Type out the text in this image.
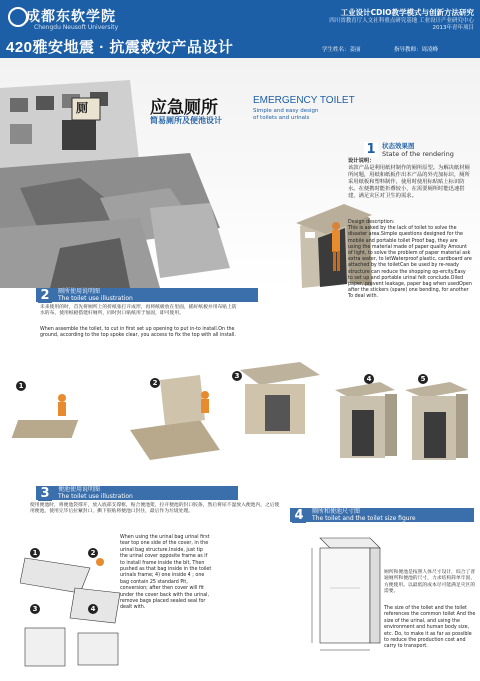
成都东软学院
Chengdu Neusoft University
工业设计CDIO教学模式与创新方法研究
四川省教育厅人文社科重点研究基地 工业设计产业研究中心2013年青年项目
420雅安地震 · 抗震救灾产品设计	学生姓名：姜丽	指导教师：周凌峰
应急厕所	EMERGENCY TOILET
简易厕所及便池设计
Simple and easy design of toilets and urinals
厕
1 状态效果图
State of the rendering
设计说明：
该款产品是利用纸材制作的厕所原型。为解决纸材厕所问题，用纸和纸板作出本产品的外壳加标识，厕所采用纸板和塑料制作，使用时使用标贴贴上标识防水。在便携时能折叠较小，在需要厕所时能迅速搭建，满足灾区对卫生的需求。
Design description:
This is asked by the lack of toilet to solve the disaster area.Simple questions designed for the mobile and portable toilet Proof bag, they are using the material made of paper quality Amount of light, to solve the problem of paper material ask extra water, to letWaterproof plastic, cardboard are attached by the toiletCan be used by re-ready structure can reduce the shopping op-ercity.Easy to set up and portable urinal felt conclude.Oiled paper, prevent leakage, paper bag when usedOpen after the stickers (spare) one bending, for another To deal with.
厕所使用说明图
The toilet use illustration
2
未来使用的时，首先将厕所上的折纸张打开成形，再将纸板放在里面，插好纸板并用布贴上防水的布，使用纸板搭建好厕所，同时封口贴纸用于加固，即可使用。
When assemble the toilet, to cut in first set up opening to put in-to install.On the ground, according to the top spoke clear, you access to fix the top with all install.
1	2
3	4	5
便池使用说明图
The toilet use illustration
3
使用便池时，将便池袋撑开，放入底部支撑框，贴合便池架，拉开便池的封口胶条，然后将尿不湿放入便池内，之后使用便池，使用完毕后拉紧封口，撕下胶贴将便池口封住，最后作为垃圾处理。
When using the urinal bag urinal first tear top one side of the cover, in the urinal bag structure.Inside, just tip the urinal cover opposite frame as if to install frame inside the bit, Then pushed as that bag inside in the toilet urinals frame; 4) one inside 4 ; one bag contain 25 standard Pit, conversion; after then cover will fit under the cover back with the urinal, remove bags placed sealed seal for dealt with.
1	2
3	4
厕所和便池尺寸图
The toilet and the toilet size figure
4
厕所和便池是按照人体尺寸设计，综合了普通厕所和便池的尺寸，力求结构简单牢固，方便使用。以最低的成本尽可能满足灾区的需要。
The size of the toilet and the toilet references the common toilet And the size of the urinal, and using the environment and human body size, etc. Do, to make it as far as possible to reduce the production cost and carry to transport.
